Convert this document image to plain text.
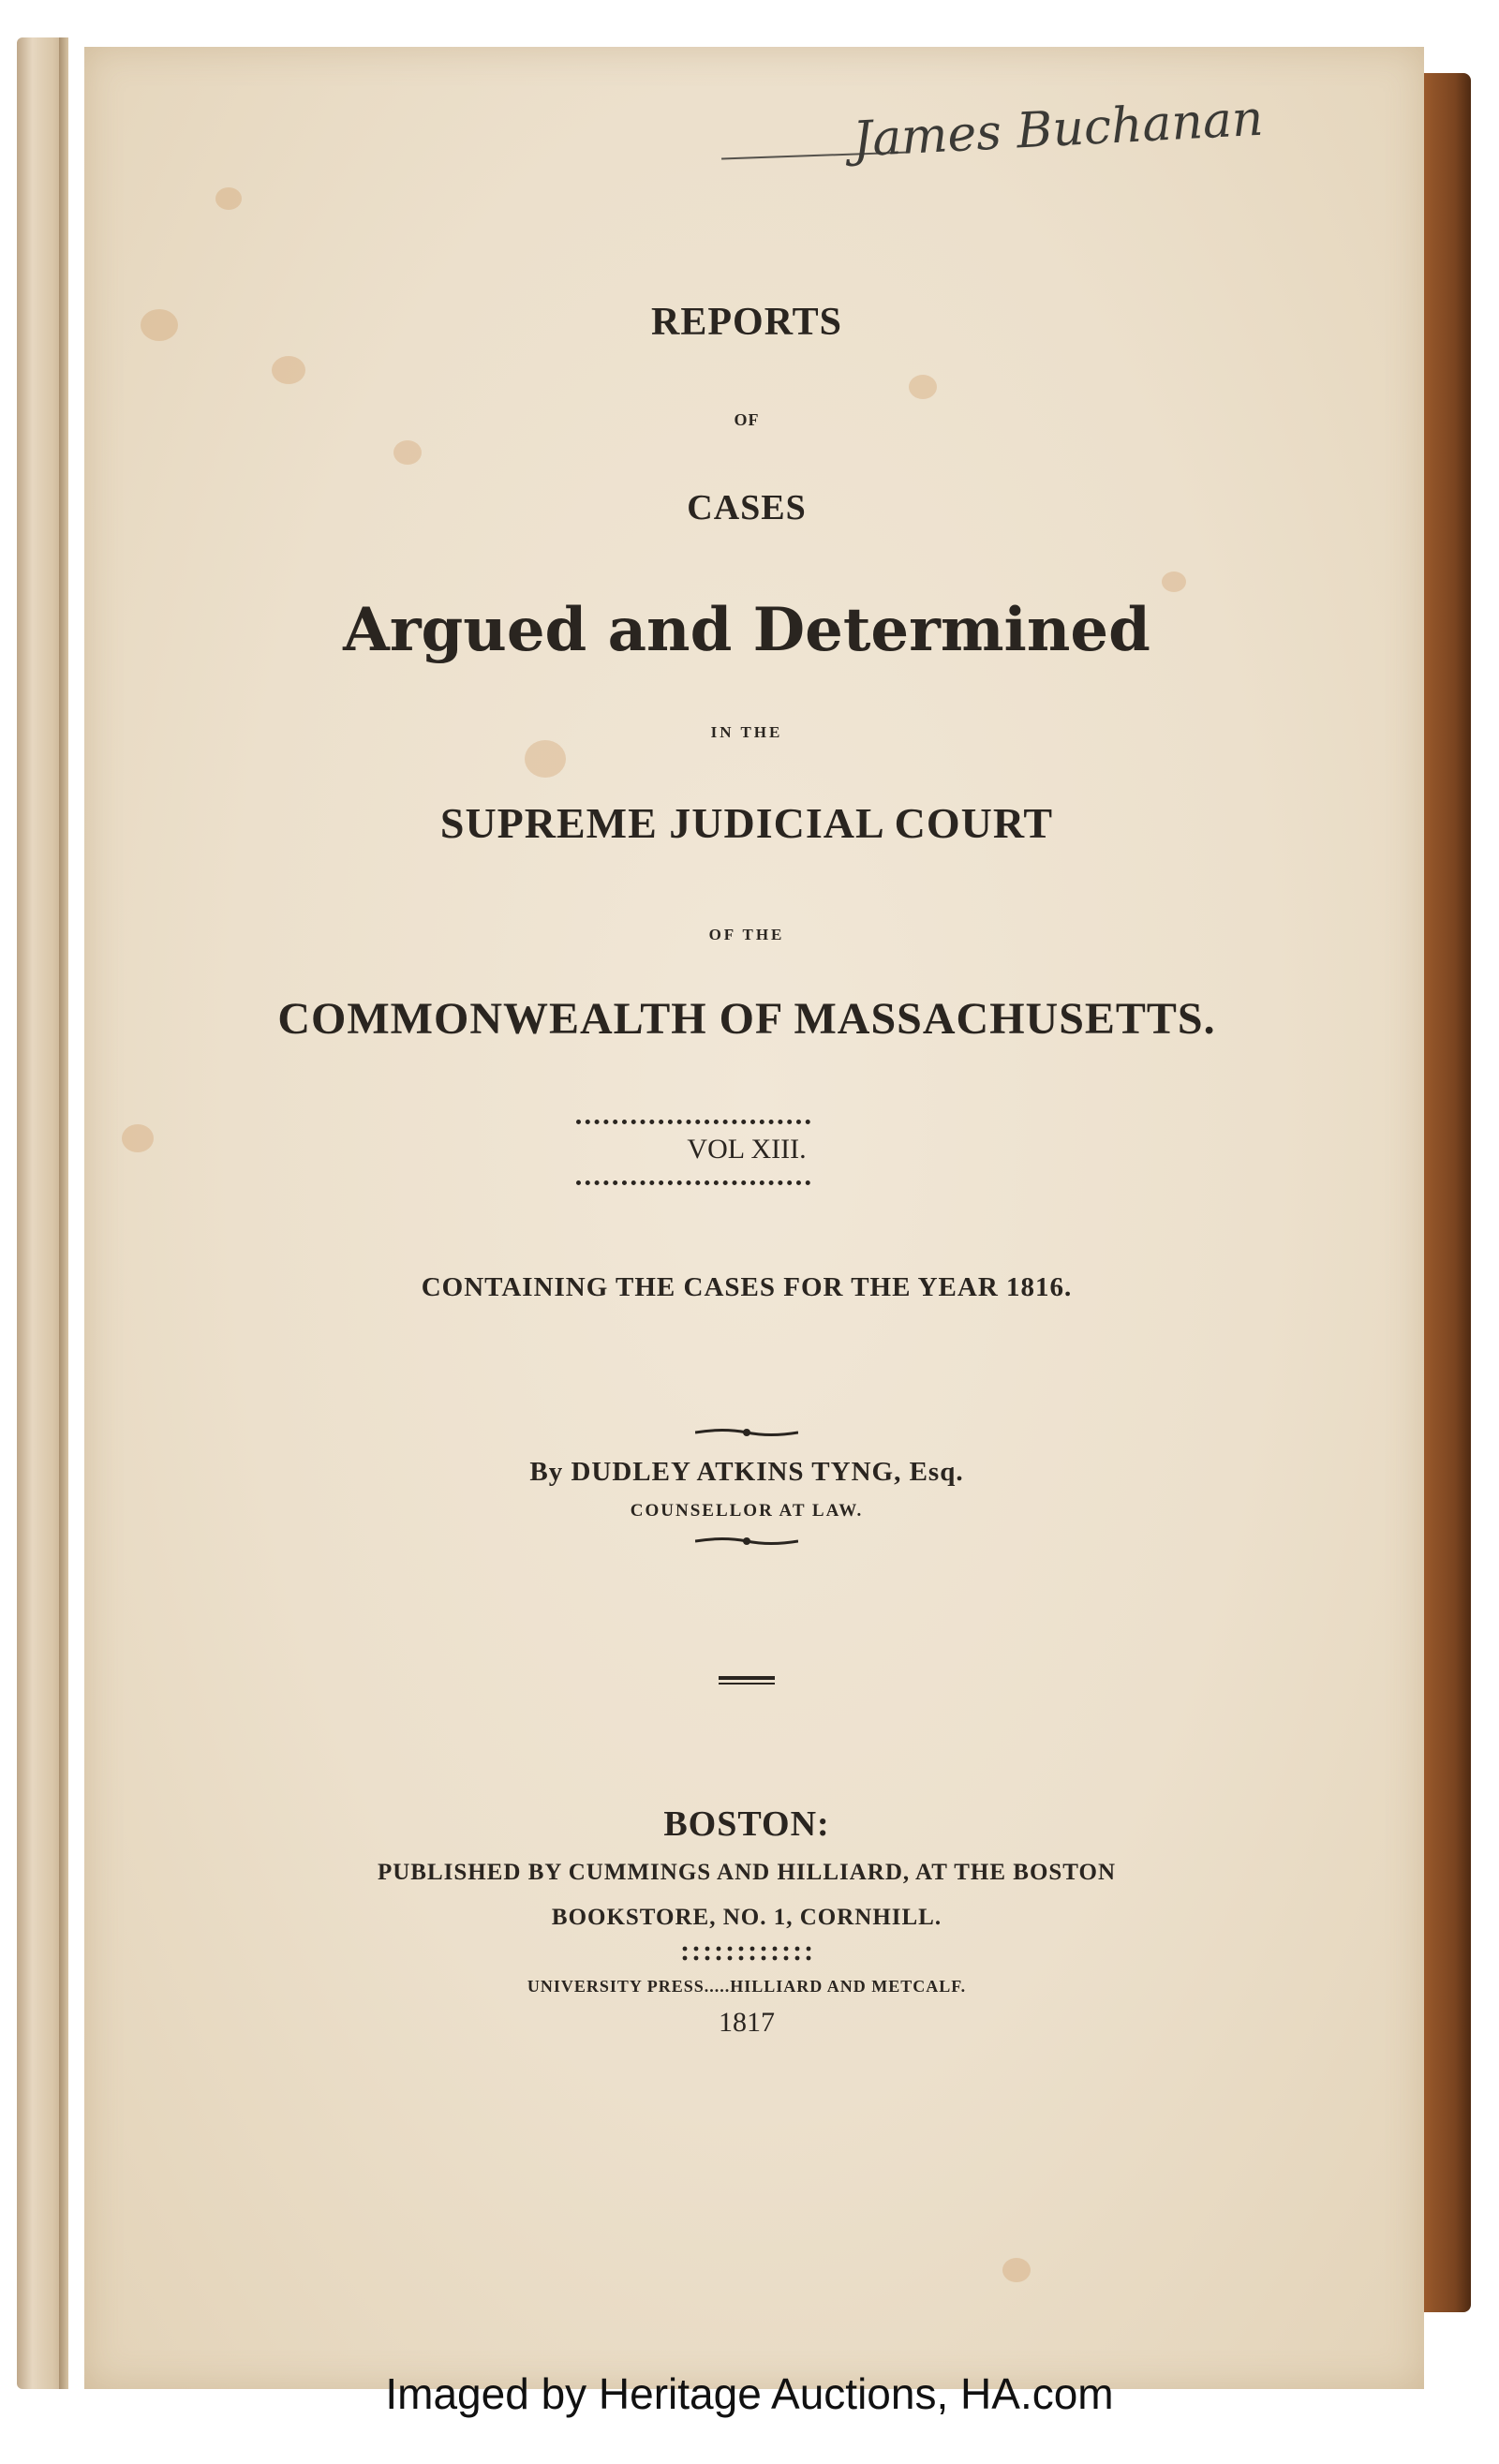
James Buchanan
REPORTS
OF
CASES
Argued and Determined
IN THE
SUPREME JUDICIAL COURT
OF THE
COMMONWEALTH OF MASSACHUSETTS.
VOL XIII.
CONTAINING THE CASES FOR THE YEAR 1816.
By DUDLEY ATKINS TYNG, Esq.
COUNSELLOR AT LAW.
BOSTON:
PUBLISHED BY CUMMINGS AND HILLIARD, AT THE BOSTON
BOOKSTORE, NO. 1, CORNHILL.
UNIVERSITY PRESS.....HILLIARD AND METCALF.
1817
Imaged by Heritage Auctions, HA.com
